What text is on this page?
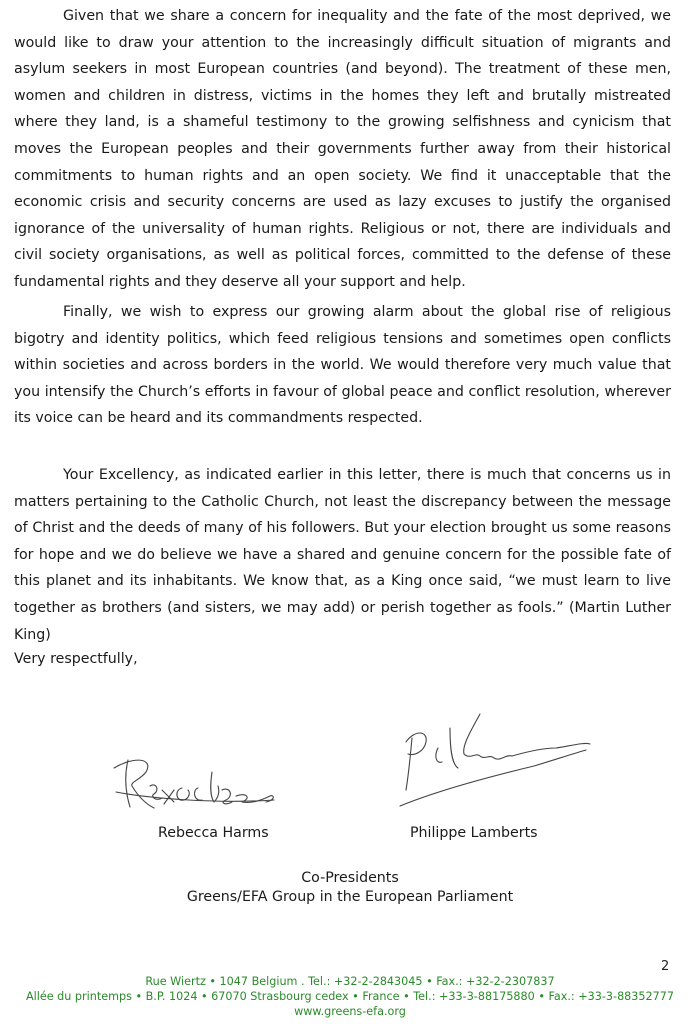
Given that we share a concern for inequality and the fate of the most deprived, we would like to draw your attention to the increasingly difficult situation of migrants and asylum seekers in most European countries (and beyond). The treatment of these men, women and children in distress, victims in the homes they left and brutally mistreated where they land, is a shameful testimony to the growing selfishness and cynicism that moves the European peoples and their governments further away from their historical commitments to human rights and an open society. We find it unacceptable that the economic crisis and security concerns are used as lazy excuses to justify the organised ignorance of the universality of human rights. Religious or not, there are individuals and civil society organisations, as well as political forces, committed to the defense of these fundamental rights and they deserve all your support and help.

Finally, we wish to express our growing alarm about the global rise of religious bigotry and identity politics, which feed religious tensions and sometimes open conflicts within societies and across borders in the world. We would therefore very much value that you intensify the Church’s efforts in favour of global peace and conflict resolution, wherever its voice can be heard and its commandments respected.

Your Excellency, as indicated earlier in this letter, there is much that concerns us in matters pertaining to the Catholic Church, not least the discrepancy between the message of Christ and the deeds of many of his followers. But your election brought us some reasons for hope and we do believe we have a shared and genuine concern for the possible fate of this planet and its inhabitants. We know that, as a King once said, “we must learn to live together as brothers (and sisters, we may add) or perish together as fools.” (Martin Luther King)

Very respectfully,

Rebecca Harms	Philippe Lamberts
Co-Presidents
Greens/EFA Group in the European Parliament
2
Rue Wiertz • 1047 Belgium . Tel.: +32-2-2843045 • Fax.: +32-2-2307837
Allée du printemps • B.P. 1024 • 67070 Strasbourg cedex • France • Tel.: +33-3-88175880 • Fax.: +33-3-88352777
www.greens-efa.org
